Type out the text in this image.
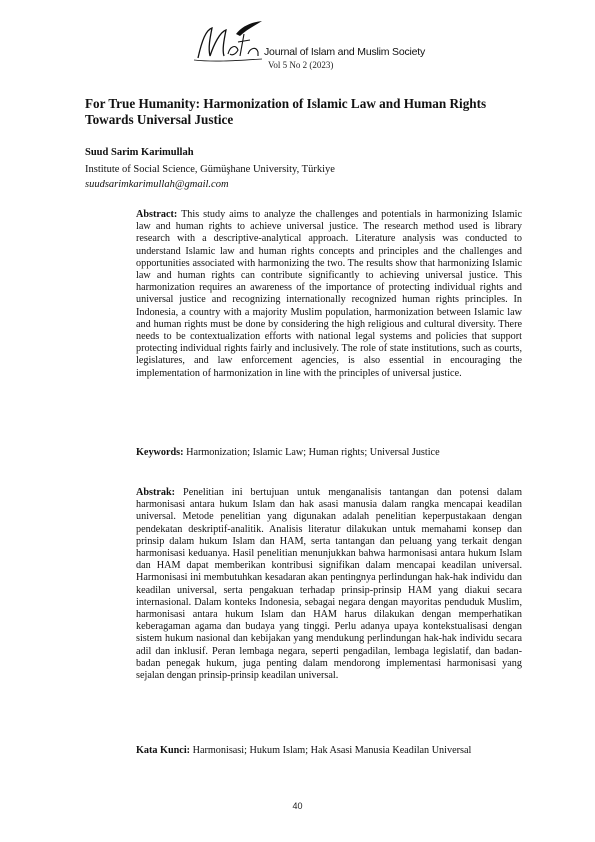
Journal of Islam and Muslim Society
Vol 5 No 2 (2023)
For True Humanity: Harmonization of Islamic Law and Human Rights Towards Universal Justice
Suud Sarim Karimullah
Institute of Social Science, Gümüşhane University, Türkiye
suudsarimkarimullah@gmail.com

Abstract: This study aims to analyze the challenges and potentials in harmonizing Islamic law and human rights to achieve universal justice. The research method used is library research with a descriptive-analytical approach. Literature analysis was conducted to understand Islamic law and human rights concepts and principles and the challenges and opportunities associated with harmonizing the two. The results show that harmonizing Islamic law and human rights can contribute significantly to achieving universal justice. This harmonization requires an awareness of the importance of protecting individual rights and universal justice and recognizing internationally recognized human rights principles. In Indonesia, a country with a majority Muslim population, harmonization between Islamic law and human rights must be done by considering the high religious and cultural diversity. There needs to be contextualization efforts with national legal systems and policies that support protecting individual rights fairly and inclusively. The role of state institutions, such as courts, legislatures, and law enforcement agencies, is also essential in encouraging the implementation of harmonization in line with the principles of universal justice.

Keywords: Harmonization; Islamic Law; Human rights; Universal Justice

Abstrak: Penelitian ini bertujuan untuk menganalisis tantangan dan potensi dalam harmonisasi antara hukum Islam dan hak asasi manusia dalam rangka mencapai keadilan universal. Metode penelitian yang digunakan adalah penelitian keperpustakaan dengan pendekatan deskriptif-analitik. Analisis literatur dilakukan untuk memahami konsep dan prinsip dalam hukum Islam dan HAM, serta tantangan dan peluang yang terkait dengan harmonisasi keduanya. Hasil penelitian menunjukkan bahwa harmonisasi antara hukum Islam dan HAM dapat memberikan kontribusi signifikan dalam mencapai keadilan universal. Harmonisasi ini membutuhkan kesadaran akan pentingnya perlindungan hak-hak individu dan keadilan universal, serta pengakuan terhadap prinsip-prinsip HAM yang diakui secara internasional. Dalam konteks Indonesia, sebagai negara dengan mayoritas penduduk Muslim, harmonisasi antara hukum Islam dan HAM harus dilakukan dengan memperhatikan keberagaman agama dan budaya yang tinggi. Perlu adanya upaya kontekstualisasi dengan sistem hukum nasional dan kebijakan yang mendukung perlindungan hak-hak individu secara adil dan inklusif. Peran lembaga negara, seperti pengadilan, lembaga legislatif, dan badan-badan penegak hukum, juga penting dalam mendorong implementasi harmonisasi yang sejalan dengan prinsip-prinsip keadilan universal.

Kata Kunci: Harmonisasi; Hukum Islam; Hak Asasi Manusia Keadilan Universal

40
